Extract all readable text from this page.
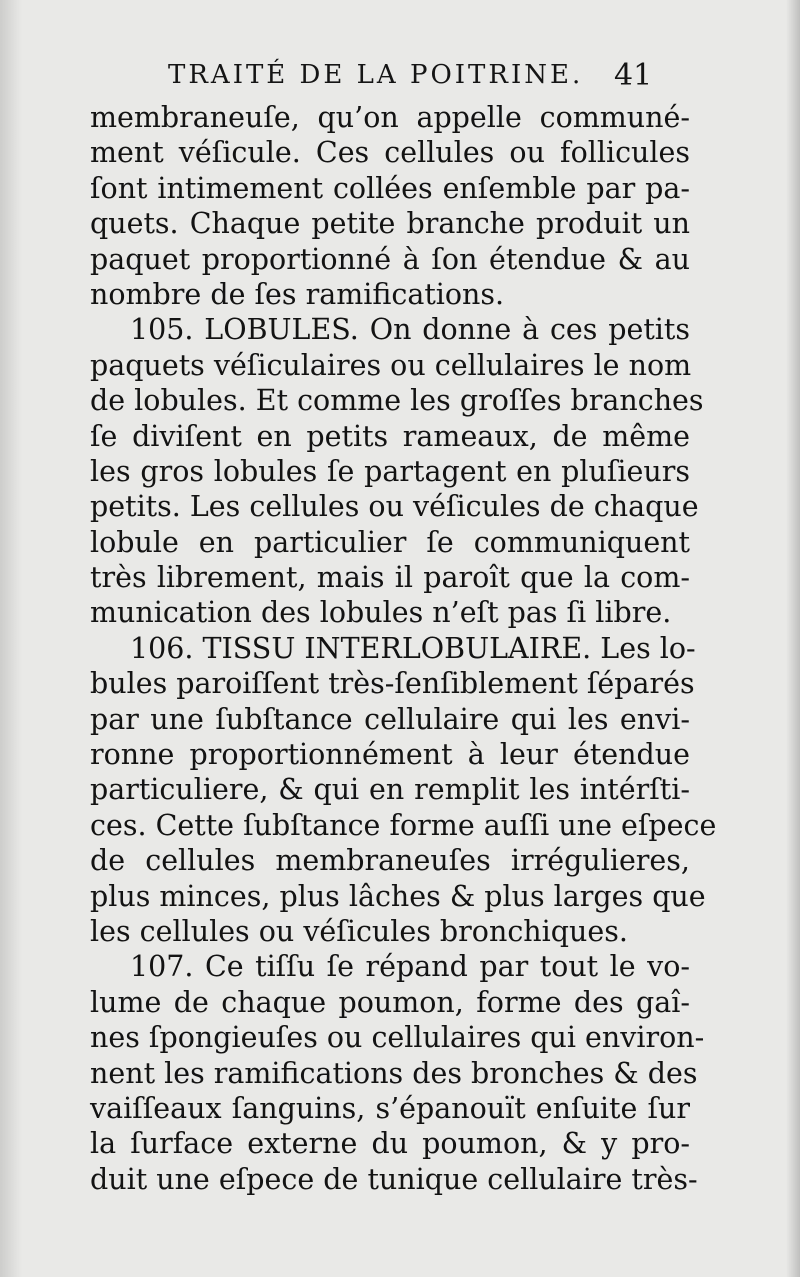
TRAITÉ DE LA POITRINE.	41
membraneuſe, qu’on appelle communé-
ment véſicule. Ces cellules ou follicules
ſont intimement collées enſemble par pa-
quets. Chaque petite branche produit un
paquet proportionné à ſon étendue & au
nombre de ſes ramifications.
105. LOBULES. On donne à ces petits
paquets véſiculaires ou cellulaires le nom
de lobules. Et comme les groſſes branches
ſe diviſent en petits rameaux, de même
les gros lobules ſe partagent en pluſieurs
petits. Les cellules ou véſicules de chaque
lobule en particulier ſe communiquent
très librement, mais il paroît que la com-
munication des lobules n’eſt pas ſi libre.
106. TISSU INTERLOBULAIRE. Les lo-
bules paroiſſent très-ſenſiblement ſéparés
par une ſubſtance cellulaire qui les envi-
ronne proportionnément à leur étendue
particuliere, & qui en remplit les intérſti-
ces. Cette ſubſtance forme auſſi une eſpece
de cellules membraneuſes irrégulieres,
plus minces, plus lâches & plus larges que
les cellules ou véſicules bronchiques.
107. Ce tiſſu ſe répand par tout le vo-
lume de chaque poumon, forme des gaî-
nes ſpongieuſes ou cellulaires qui environ-
nent les ramifications des bronches & des
vaiſſeaux ſanguins, s’épanouït enſuite ſur
la ſurface externe du poumon, & y pro-
duit une eſpece de tunique cellulaire très-
